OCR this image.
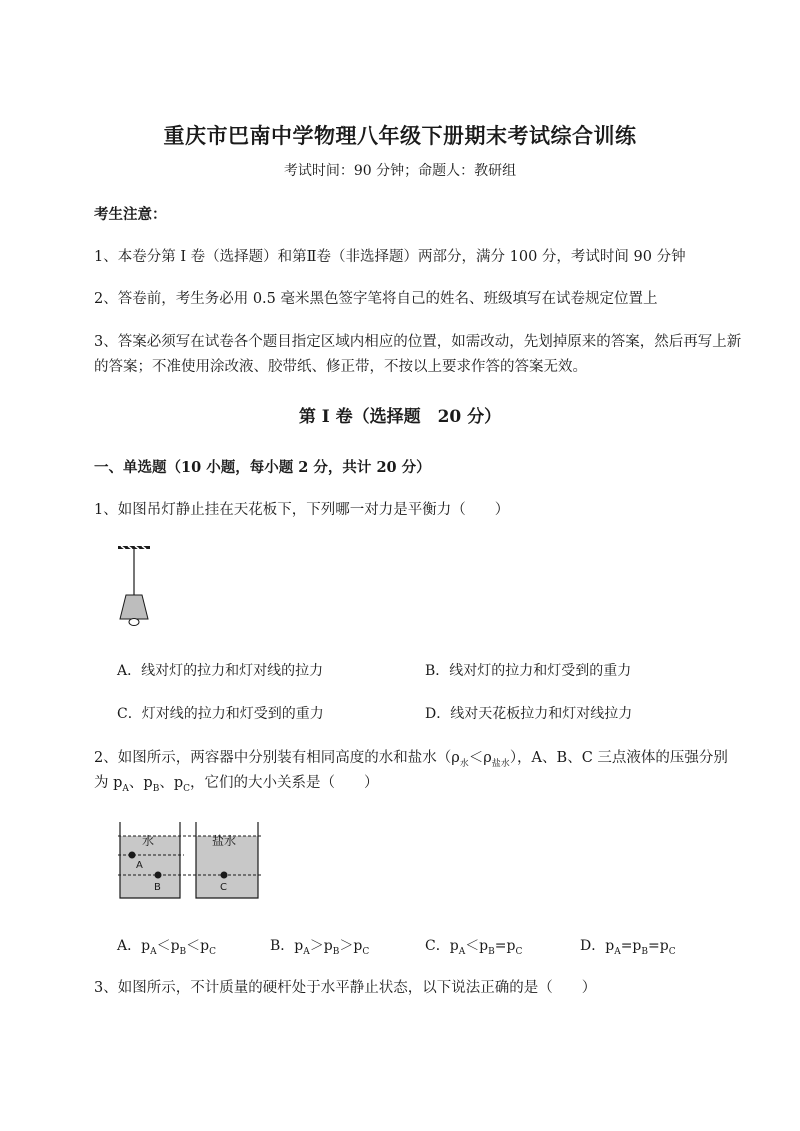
重庆市巴南中学物理八年级下册期末考试综合训练
考试时间：90 分钟；命题人：教研组
考生注意：
1、本卷分第 I 卷（选择题）和第Ⅱ卷（非选择题）两部分，满分 100 分，考试时间 90 分钟
2、答卷前，考生务必用 0.5 毫米黑色签字笔将自己的姓名、班级填写在试卷规定位置上
3、答案必须写在试卷各个题目指定区域内相应的位置，如需改动，先划掉原来的答案，然后再写上新
的答案；不准使用涂改液、胶带纸、修正带，不按以上要求作答的答案无效。
第 I 卷（选择题　20 分）
一、单选题（10 小题，每小题 2 分，共计 20 分）
1、如图吊灯静止挂在天花板下，下列哪一对力是平衡力（　　）
A．线对灯的拉力和灯对线的拉力	B．线对灯的拉力和灯受到的重力
C．灯对线的拉力和灯受到的重力	D．线对天花板拉力和灯对线拉力
2、如图所示，两容器中分别装有相同高度的水和盐水$(\rho_水<\rho_{盐水})$，A、B、C 三点液体的压强分别
为 $p_A$、$p_B$、$p_C$，它们的大小关系是（　　）
水	盐水
A
B	C
A．$p_A<p_B<p_C$	B．$p_A>p_B>p_C$	C．$p_A<p_B=p_C$	D．$p_A=p_B=p_C$
3、如图所示，不计质量的硬杆处于水平静止状态，以下说法正确的是（　　）
